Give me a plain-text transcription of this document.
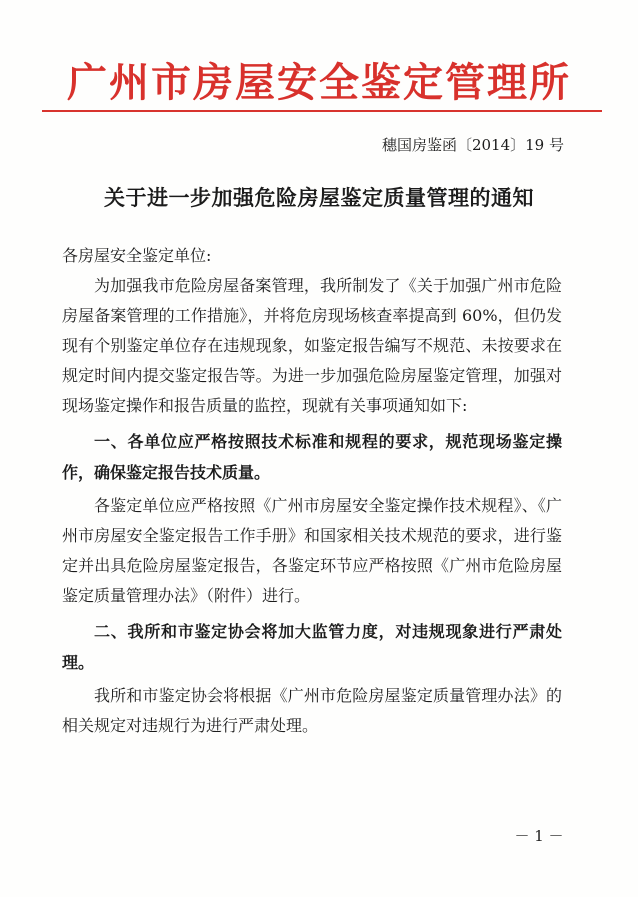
广州市房屋安全鉴定管理所
穗国房鉴函〔2014〕19 号
关于进一步加强危险房屋鉴定质量管理的通知

各房屋安全鉴定单位:

为加强我市危险房屋备案管理，我所制发了《关于加强广州市危险房屋备案管理的工作措施》，并将危房现场核查率提高到 60%，但仍发现有个别鉴定单位存在违规现象，如鉴定报告编写不规范、未按要求在规定时间内提交鉴定报告等。为进一步加强危险房屋鉴定管理，加强对现场鉴定操作和报告质量的监控，现就有关事项通知如下:

一、各单位应严格按照技术标准和规程的要求，规范现场鉴定操作，确保鉴定报告技术质量。

各鉴定单位应严格按照《广州市房屋安全鉴定操作技术规程》、《广州市房屋安全鉴定报告工作手册》和国家相关技术规范的要求，进行鉴定并出具危险房屋鉴定报告，各鉴定环节应严格按照《广州市危险房屋鉴定质量管理办法》（附件）进行。

二、我所和市鉴定协会将加大监管力度，对违规现象进行严肃处理。

我所和市鉴定协会将根据《广州市危险房屋鉴定质量管理办法》的相关规定对违规行为进行严肃处理。

－ 1 －
